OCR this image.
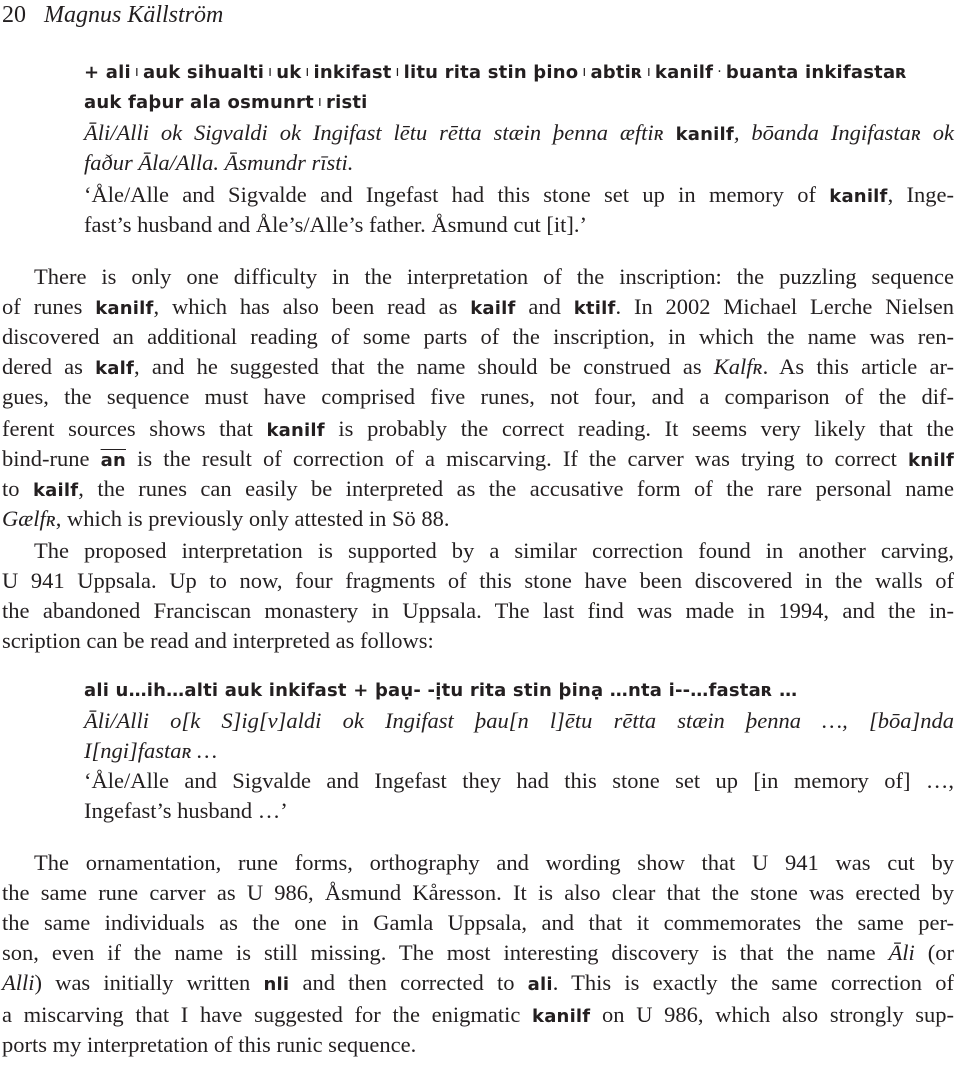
20 Magnus Källström
+ ali ı auk sihualti ı uk ı inkifast ı litu rita stin þino ı abtiʀ ı kanilf · buanta inkifastaʀ
auk faþur ala osmunrt ı risti
Āli/Alli ok Sigvaldi ok Ingifast lētu rētta stæin þenna æftiʀ kanilf, bōanda Ingifastaʀ ok
faður Āla/Alla. Āsmundr rīsti.
‘Åle/Alle and Sigvalde and Ingefast had this stone set up in memory of kanilf, Inge-
fast’s husband and Åle’s/Alle’s father. Åsmund cut [it].’
There is only one difficulty in the interpretation of the inscription: the puzzling sequence
of runes kanilf, which has also been read as kailf and ktilf. In 2002 Michael Lerche Nielsen
discovered an additional reading of some parts of the inscription, in which the name was ren-
dered as kalf, and he suggested that the name should be construed as Kalfʀ. As this article ar-
gues, the sequence must have comprised five runes, not four, and a comparison of the dif-
ferent sources shows that kanilf is probably the correct reading. It seems very likely that the
bind-rune $\overline{an}$ is the result of correction of a miscarving. If the carver was trying to correct knilf
to kailf, the runes can easily be interpreted as the accusative form of the rare personal name
Gælfʀ, which is previously only attested in Sö 88.
The proposed interpretation is supported by a similar correction found in another carving,
U 941 Uppsala. Up to now, four fragments of this stone have been discovered in the walls of
the abandoned Franciscan monastery in Uppsala. The last find was made in 1994, and the in-
scription can be read and interpreted as follows:
ali u…ih…alti auk inkifast + þaụ- -ịtu rita stin þinạ …nta i--…fastaʀ …
Āli/Alli o[k S]ig[v]aldi ok Ingifast þau[n l]ētu rētta stæin þenna …, [bōa]nda
I[ngi]fastaʀ …
‘Åle/Alle and Sigvalde and Ingefast they had this stone set up [in memory of] …,
Ingefast’s husband …’
The ornamentation, rune forms, orthography and wording show that U 941 was cut by
the same rune carver as U 986, Åsmund Kåresson. It is also clear that the stone was erected by
the same individuals as the one in Gamla Uppsala, and that it commemorates the same per-
son, even if the name is still missing. The most interesting discovery is that the name Āli (or
Alli) was initially written nli and then corrected to ali. This is exactly the same correction of
a miscarving that I have suggested for the enigmatic kanilf on U 986, which also strongly sup-
ports my interpretation of this runic sequence.
